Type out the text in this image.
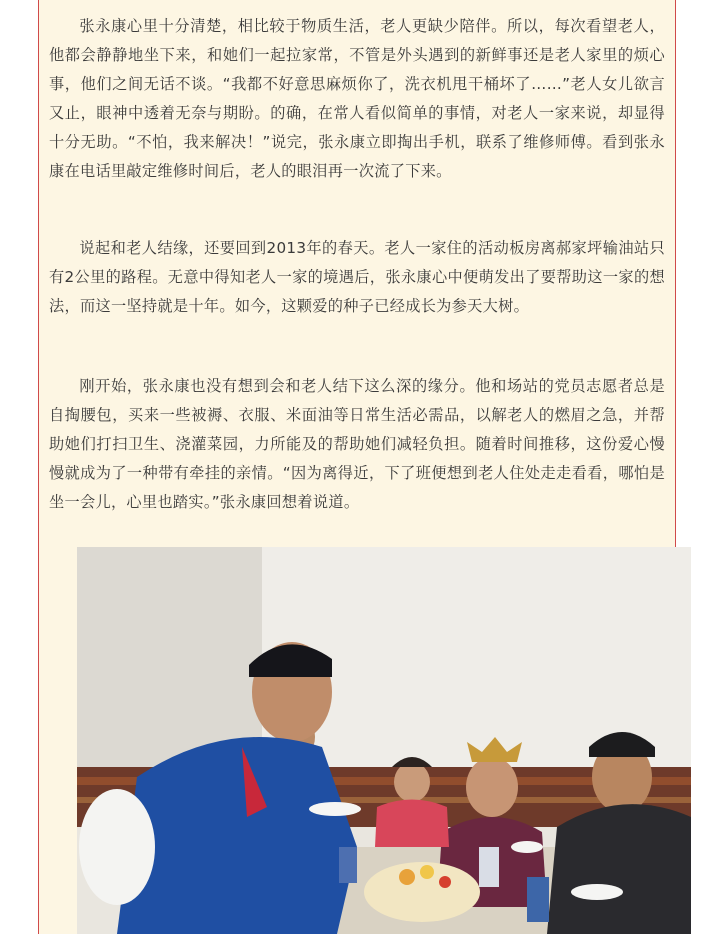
张永康心里十分清楚，相比较于物质生活，老人更缺少陪伴。所以，每次看望老人，他都会静静地坐下来，和她们一起拉家常，不管是外头遇到的新鲜事还是老人家里的烦心事，他们之间无话不谈。“我都不好意思麻烦你了，洗衣机甩干桶坏了……”老人女儿欲言又止，眼神中透着无奈与期盼。的确，在常人看似简单的事情，对老人一家来说，却显得十分无助。“不怕，我来解决！”说完，张永康立即掏出手机，联系了维修师傅。看到张永康在电话里敲定维修时间后，老人的眼泪再一次流了下来。

说起和老人结缘，还要回到2013年的春天。老人一家住的活动板房离郝家坪输油站只有2公里的路程。无意中得知老人一家的境遇后，张永康心中便萌发出了要帮助这一家的想法，而这一坚持就是十年。如今，这颗爱的种子已经成长为参天大树。

刚开始，张永康也没有想到会和老人结下这么深的缘分。他和场站的党员志愿者总是自掏腰包，买来一些被褥、衣服、米面油等日常生活必需品，以解老人的燃眉之急，并帮助她们打扫卫生、浇灌菜园，力所能及的帮助她们减轻负担。随着时间推移，这份爱心慢慢就成为了一种带有牵挂的亲情。“因为离得近，下了班便想到老人住处走走看看，哪怕是坐一会儿，心里也踏实。”张永康回想着说道。
